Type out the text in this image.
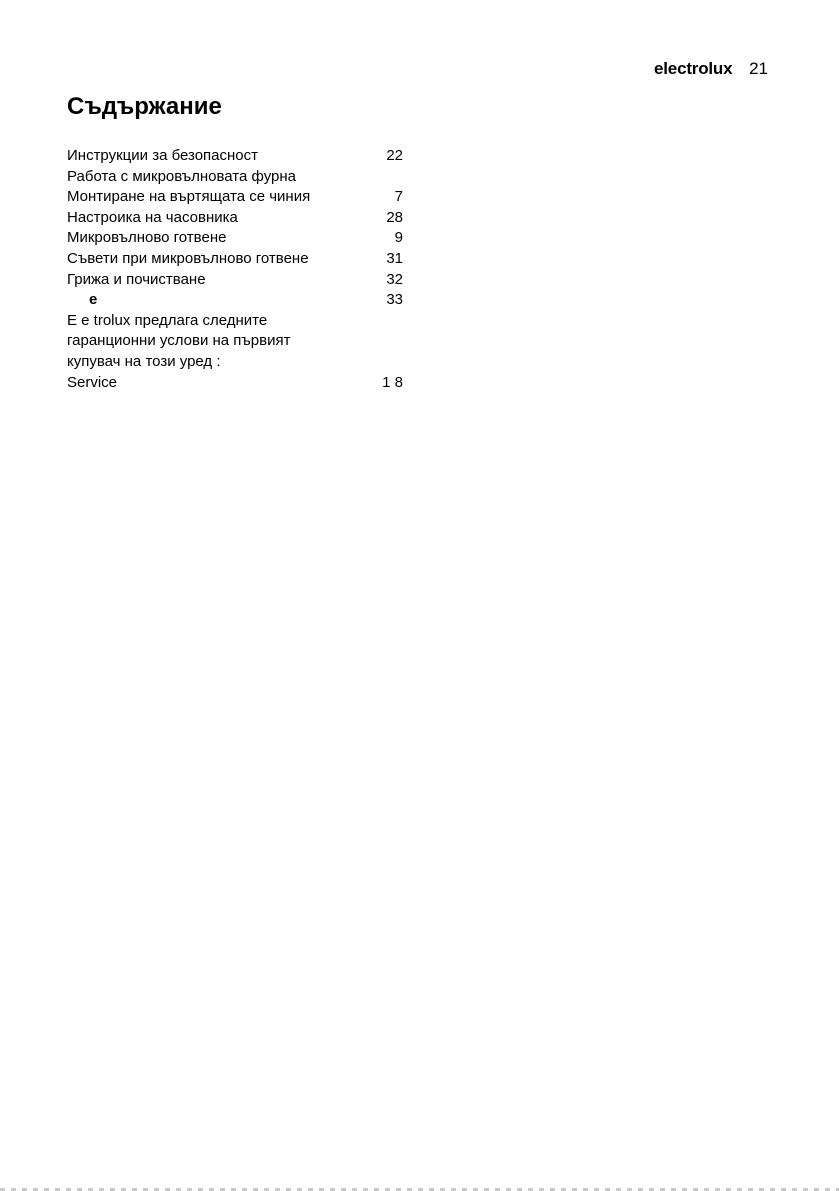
electrolux 21
Съдържание
Инструкции за безопасност	22
Работа с микровълновата фурна
Монтиране на въртящата се чиния	7
Настроика на часовника	28
Микровълново готвене	9
Съвети при микровълново готвене	31
Грижа и почистване	32
е	33
Е е trolux предлага следните
гаранционни услови на първият
купувач на този уред :
Service	1 8
